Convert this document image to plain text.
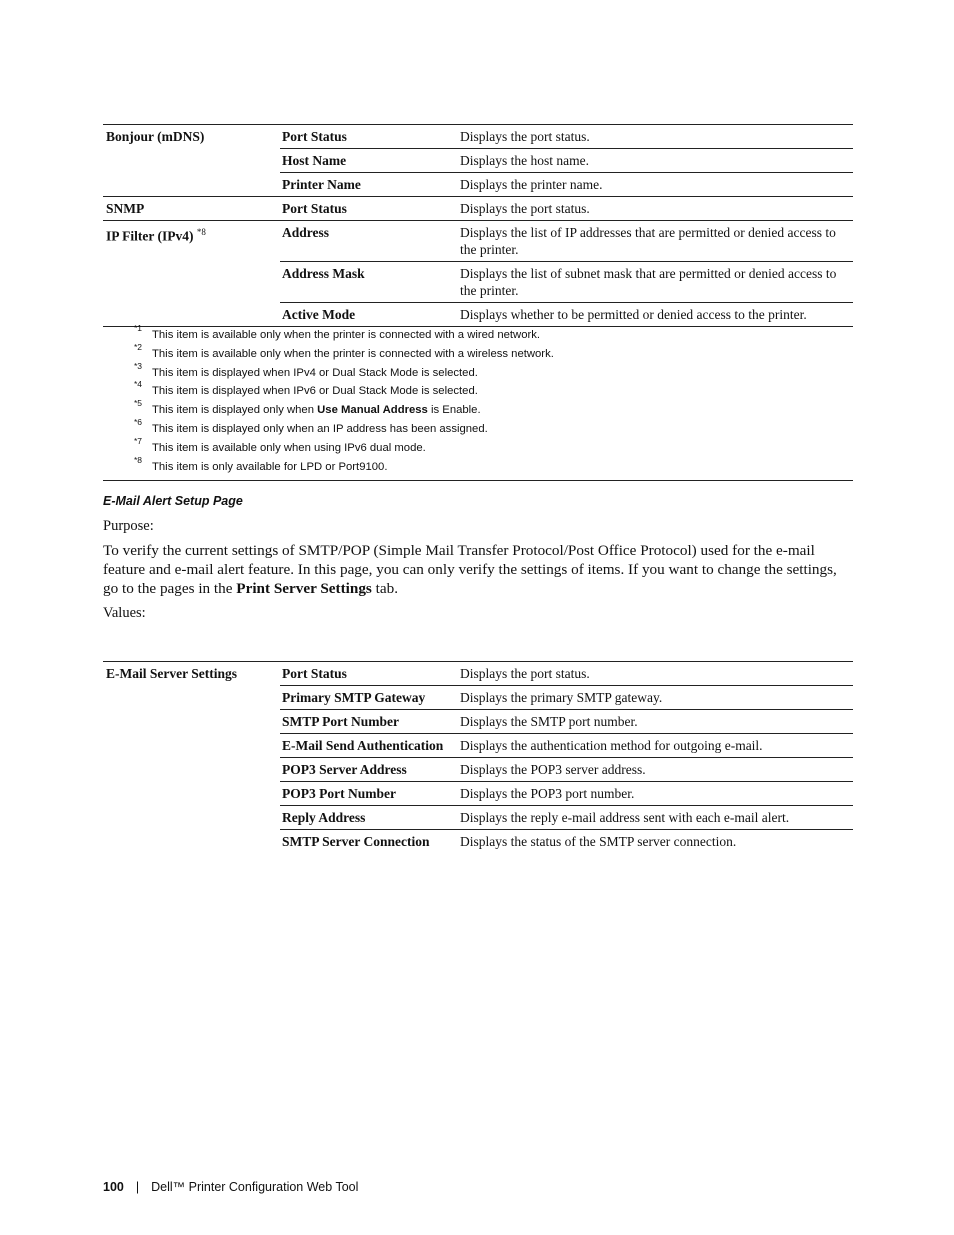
Bonjour (mDNS)	Port Status	Displays the port status.
Host Name	Displays the host name.
Printer Name	Displays the printer name.
SNMP	Port Status	Displays the port status.
IP Filter (IPv4) $^{*8}$	Address	Displays the list of IP addresses that are permitted or denied access to the printer.
Address Mask	Displays the list of subnet mask that are permitted or denied access to the printer.
Active Mode	Displays whether to be permitted or denied access to the printer.
*1
This item is available only when the printer is connected with a wired network.
*2
This item is available only when the printer is connected with a wireless network.
*3
This item is displayed when IPv4 or Dual Stack Mode is selected.
*4
This item is displayed when IPv6 or Dual Stack Mode is selected.
*5
This item is displayed only when Use Manual Address is Enable.
*6
This item is displayed only when an IP address has been assigned.
*7
This item is available only when using IPv6 dual mode.
*8
This item is only available for LPD or Port9100.
E-Mail Alert Setup Page
Purpose:
To verify the current settings of SMTP/POP (Simple Mail Transfer Protocol/Post Office Protocol) used for the e-mail feature and e-mail alert feature. In this page, you can only verify the settings of items. If you want to change the settings, go to the pages in the Print Server Settings tab.
Values:
E-Mail Server Settings	Port Status	Displays the port status.
Primary SMTP Gateway	Displays the primary SMTP gateway.
SMTP Port Number	Displays the SMTP port number.
E-Mail Send Authentication	Displays the authentication method for outgoing e-mail.
POP3 Server Address	Displays the POP3 server address.
POP3 Port Number	Displays the POP3 port number.
Reply Address	Displays the reply e-mail address sent with each e-mail alert.
SMTP Server Connection	Displays the status of the SMTP server connection.
100 | Dell™ Printer Configuration Web Tool
